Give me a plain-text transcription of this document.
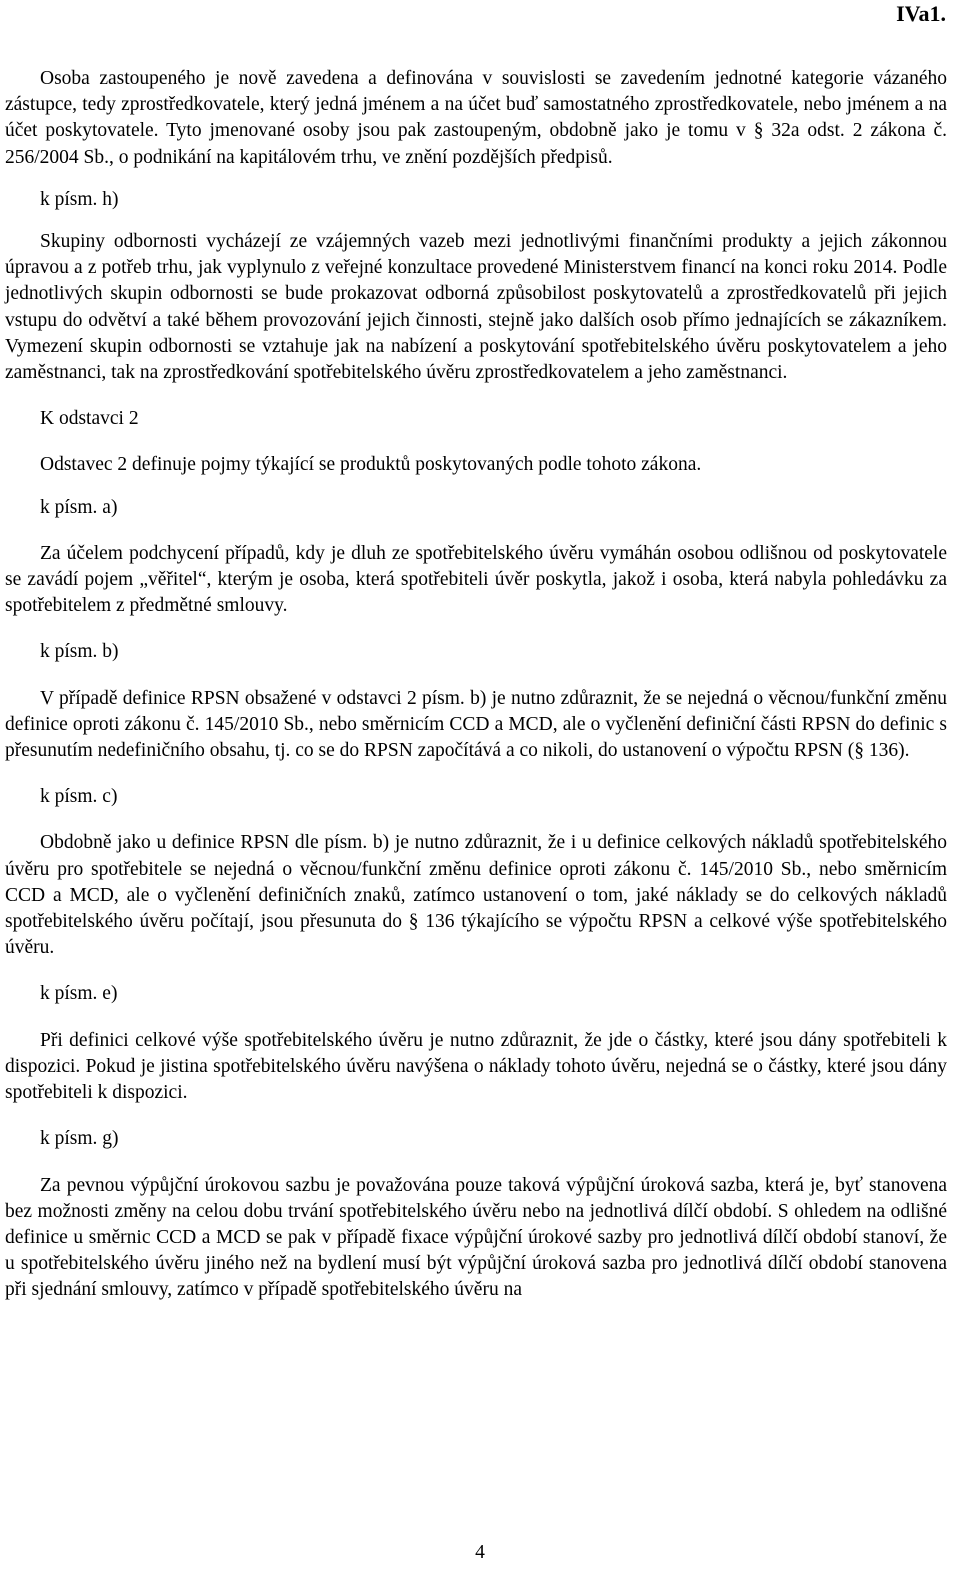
IVa1.

Osoba zastoupeného je nově zavedena a definována v souvislosti se zavedením jednotné kategorie vázaného zástupce, tedy zprostředkovatele, který jedná jménem a na účet buď samostatného zprostředkovatele, nebo jménem a na účet poskytovatele. Tyto jmenované osoby jsou pak zastoupeným, obdobně jako je tomu v § 32a odst. 2 zákona č. 256/2004 Sb., o podnikání na kapitálovém trhu, ve znění pozdějších předpisů.

k písm. h)

Skupiny odbornosti vycházejí ze vzájemných vazeb mezi jednotlivými finančními produkty a jejich zákonnou úpravou a z potřeb trhu, jak vyplynulo z veřejné konzultace provedené Ministerstvem financí na konci roku 2014. Podle jednotlivých skupin odbornosti se bude prokazovat odborná způsobilost poskytovatelů a zprostředkovatelů při jejich vstupu do odvětví a také během provozování jejich činnosti, stejně jako dalších osob přímo jednajících se zákazníkem. Vymezení skupin odbornosti se vztahuje jak na nabízení a poskytování spotřebitelského úvěru poskytovatelem a jeho zaměstnanci, tak na zprostředkování spotřebitelského úvěru zprostředkovatelem a jeho zaměstnanci.

K odstavci 2

Odstavec 2 definuje pojmy týkající se produktů poskytovaných podle tohoto zákona.

k písm. a)

Za účelem podchycení případů, kdy je dluh ze spotřebitelského úvěru vymáhán osobou odlišnou od poskytovatele se zavádí pojem „věřitel“, kterým je osoba, která spotřebiteli úvěr poskytla, jakož i osoba, která nabyla pohledávku za spotřebitelem z předmětné smlouvy.

k písm. b)

V případě definice RPSN obsažené v odstavci 2 písm. b) je nutno zdůraznit, že se nejedná o věcnou/funkční změnu definice oproti zákonu č. 145/2010 Sb., nebo směrnicím CCD a MCD, ale o vyčlenění definiční části RPSN do definic s přesunutím nedefiničního obsahu, tj. co se do RPSN započítává a co nikoli, do ustanovení o výpočtu RPSN (§ 136).

k písm. c)

Obdobně jako u definice RPSN dle písm. b) je nutno zdůraznit, že i u definice celkových nákladů spotřebitelského úvěru pro spotřebitele se nejedná o věcnou/funkční změnu definice oproti zákonu č. 145/2010 Sb., nebo směrnicím CCD a MCD, ale o vyčlenění definičních znaků, zatímco ustanovení o tom, jaké náklady se do celkových nákladů spotřebitelského úvěru počítají, jsou přesunuta do § 136 týkajícího se výpočtu RPSN a celkové výše spotřebitelského úvěru.

k písm. e)

Při definici celkové výše spotřebitelského úvěru je nutno zdůraznit, že jde o částky, které jsou dány spotřebiteli k dispozici. Pokud je jistina spotřebitelského úvěru navýšena o náklady tohoto úvěru, nejedná se o částky, které jsou dány spotřebiteli k dispozici.

k písm. g)

Za pevnou výpůjční úrokovou sazbu je považována pouze taková výpůjční úroková sazba, která je, byť stanovena bez možnosti změny na celou dobu trvání spotřebitelského úvěru nebo na jednotlivá dílčí období. S ohledem na odlišné definice u směrnic CCD a MCD se pak v případě fixace výpůjční úrokové sazby pro jednotlivá dílčí období stanoví, že u spotřebitelského úvěru jiného než na bydlení musí být výpůjční úroková sazba pro jednotlivá dílčí období stanovena při sjednání smlouvy, zatímco v případě spotřebitelského úvěru na

4
